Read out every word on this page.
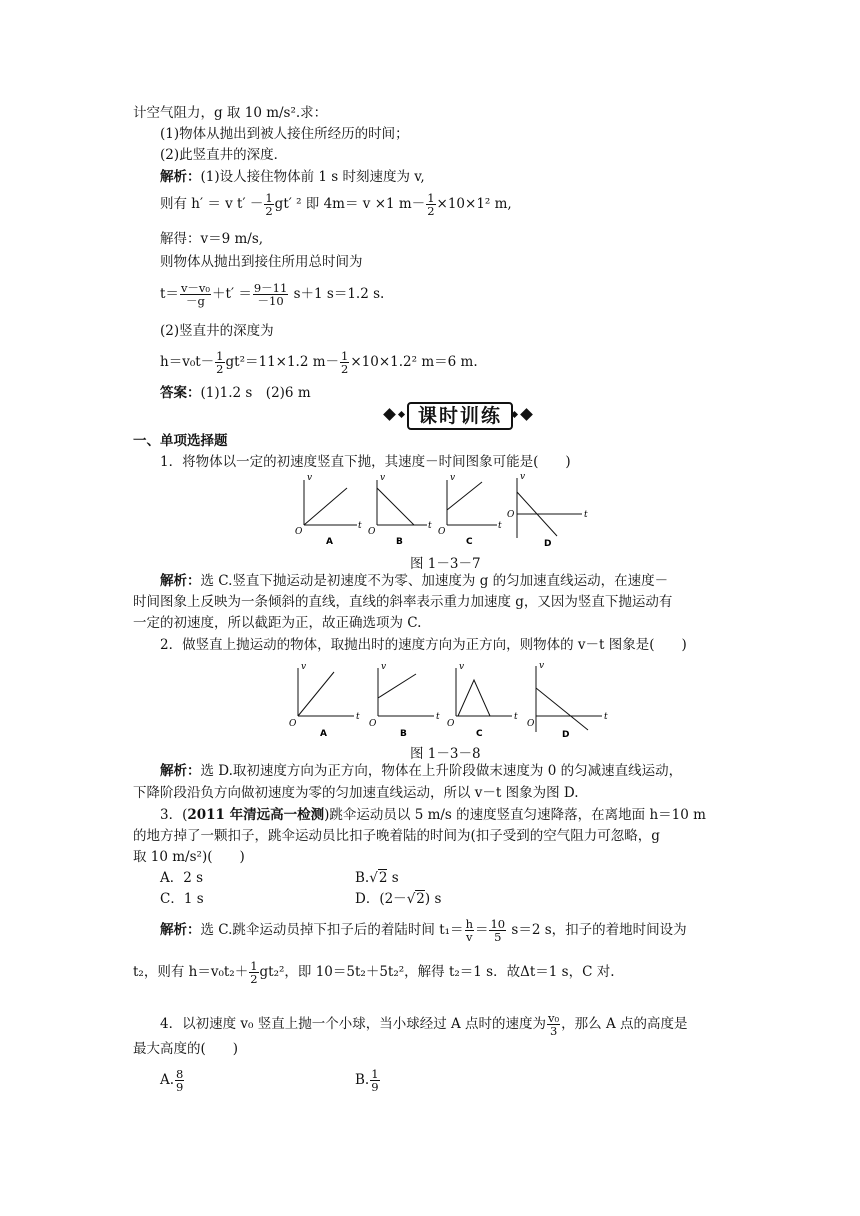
计空气阻力，g 取 10 m/s².求：
(1)物体从抛出到被人接住所经历的时间；
(2)此竖直井的深度．
解析：(1)设人接住物体前 1 s 时刻速度为 v,
则有 h′ ＝ v $t' - \frac{1}{2} gt'$ ² 即 4m＝ v ×1 $m- \frac{1}{2} \times 10\times 1^2$ m,
解得：v＝9 m/s,
则物体从抛出到接住所用总时间为
$t= \frac{\text{v－v₀}}{-g} +t' = \frac{9-11}{-10} s+1$ s＝1.2 s.
(2)竖直井的深度为
$h=v_0t- \frac{1}{2} gt^2=11\times 1.2$ $m- \frac{1}{2} \times 10\times 1.2^2$ m＝6 m.
答案：(1)1.2 s　(2)6 m
课时训练
一、单项选择题
1．将物体以一定的初速度竖直下抛，其速度－时间图象可能是(　　)
v
t
O
A
v
t
O
B
v
t
O
C
v
t
O
D
图 1－3－7
解析：选 C.竖直下抛运动是初速度不为零、加速度为 g 的匀加速直线运动，在速度－
时间图象上反映为一条倾斜的直线，直线的斜率表示重力加速度 g，又因为竖直下抛运动有
一定的初速度，所以截距为正，故正确选项为 C.
2．做竖直上抛运动的物体，取抛出时的速度方向为正方向，则物体的 v－t 图象是(　　)
v
t
O
A
v
t
O
B
v
t
O
C
v
t
O
D
图 1－3－8
解析：选 D.取初速度方向为正方向，物体在上升阶段做末速度为 0 的匀减速直线运动，
下降阶段沿负方向做初速度为零的匀加速直线运动，所以 v－t 图象为图 D.
3．(2011 年清远高一检测)跳伞运动员以 5 m/s 的速度竖直匀速降落，在离地面 h＝10 m
的地方掉了一颗扣子，跳伞运动员比扣子晚着陆的时间为(扣子受到的空气阻力可忽略，g
取 10 m/s²)(　　)
A．2 s	B.√2 s
C．1 s	D．(2－√2) s
解析：选 C.跳伞运动员掉下扣子后的着陆时间 $t_1= \frac{h}{v} = \frac{10}{5} s=2$ s，扣子的着地时间设为
t₂，则有 $h=v_0t_2+ \frac{1}{2} gt_2^2$，即 10＝5t₂＋5t₂²，解得 t₂＝1 s．故Δt＝1 s，C 对.
4．以初速度 v₀ 竖直上抛一个小球，当小球经过 A 点时的速度为 $\frac{\text{v₀}}{3}$ ，那么 A 点的高度是
最大高度的(　　)
A. $\frac{8}{9}$	B. $\frac{1}{9}$
